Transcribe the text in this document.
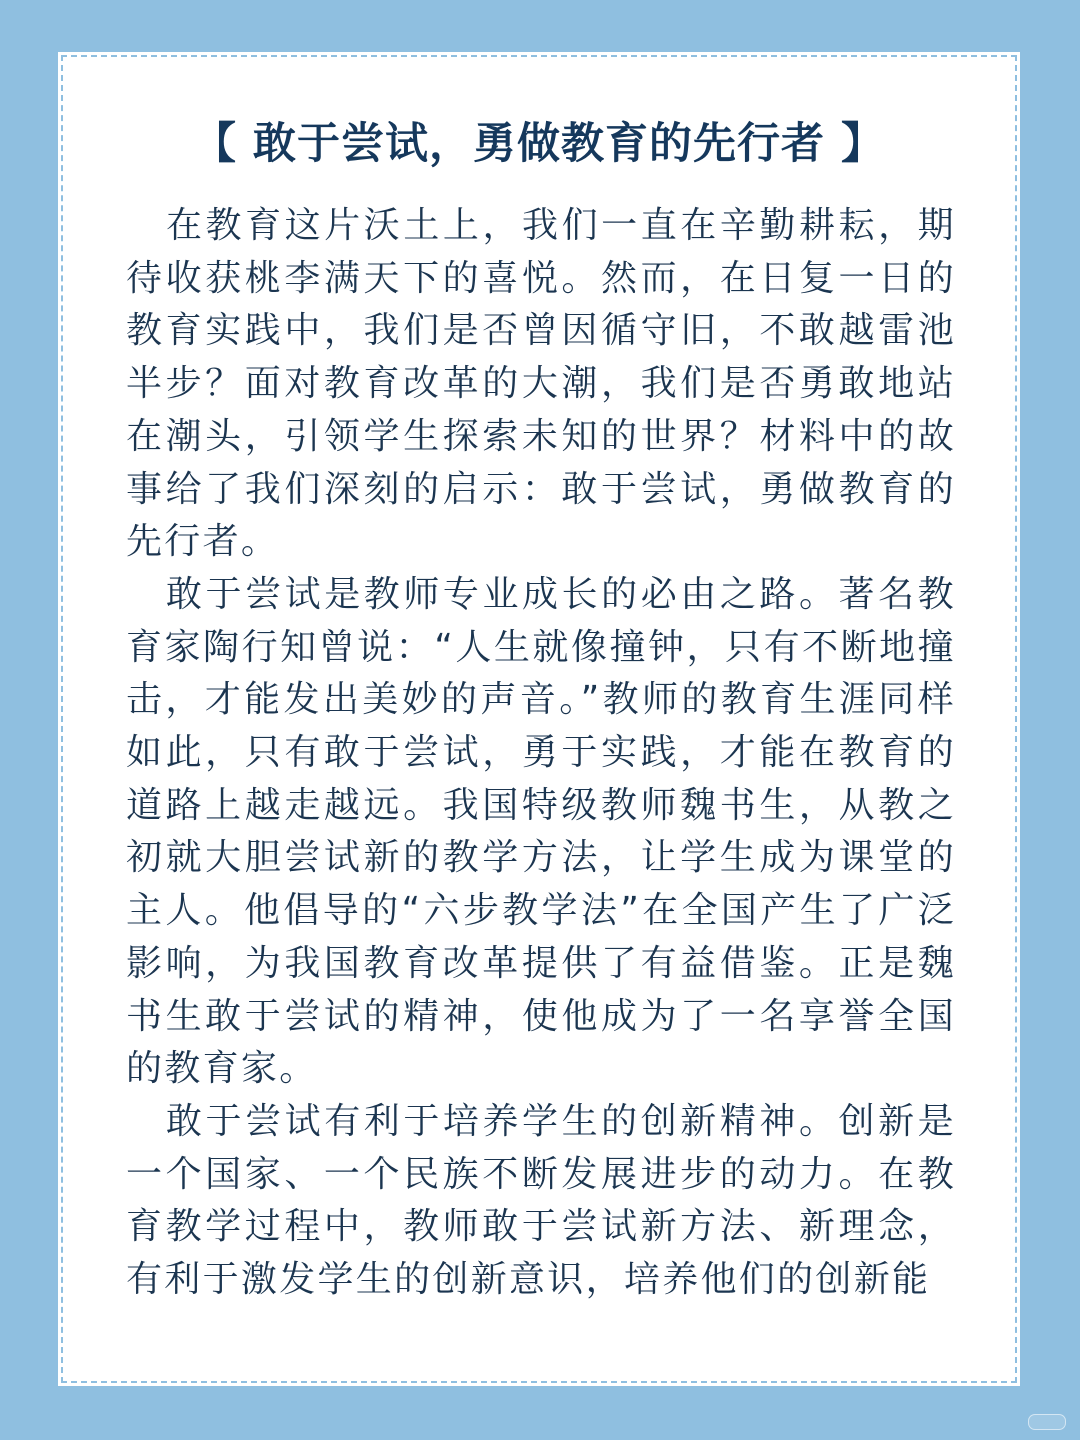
【 敢于尝试，勇做教育的先行者 】

在教育这片沃土上，我们一直在辛勤耕耘，期待收获桃李满天下的喜悦。然而，在日复一日的教育实践中，我们是否曾因循守旧，不敢越雷池半步？面对教育改革的大潮，我们是否勇敢地站在潮头，引领学生探索未知的世界？材料中的故事给了我们深刻的启示：敢于尝试，勇做教育的先行者。

敢于尝试是教师专业成长的必由之路。著名教育家陶行知曾说：“人生就像撞钟，只有不断地撞击，才能发出美妙的声音。”教师的教育生涯同样如此，只有敢于尝试，勇于实践，才能在教育的道路上越走越远。我国特级教师魏书生，从教之初就大胆尝试新的教学方法，让学生成为课堂的主人。他倡导的“六步教学法”在全国产生了广泛影响，为我国教育改革提供了有益借鉴。正是魏书生敢于尝试的精神，使他成为了一名享誉全国的教育家。

敢于尝试有利于培养学生的创新精神。创新是一个国家、一个民族不断发展进步的动力。在教育教学过程中，教师敢于尝试新方法、新理念，有利于激发学生的创新意识，培养他们的创新能
